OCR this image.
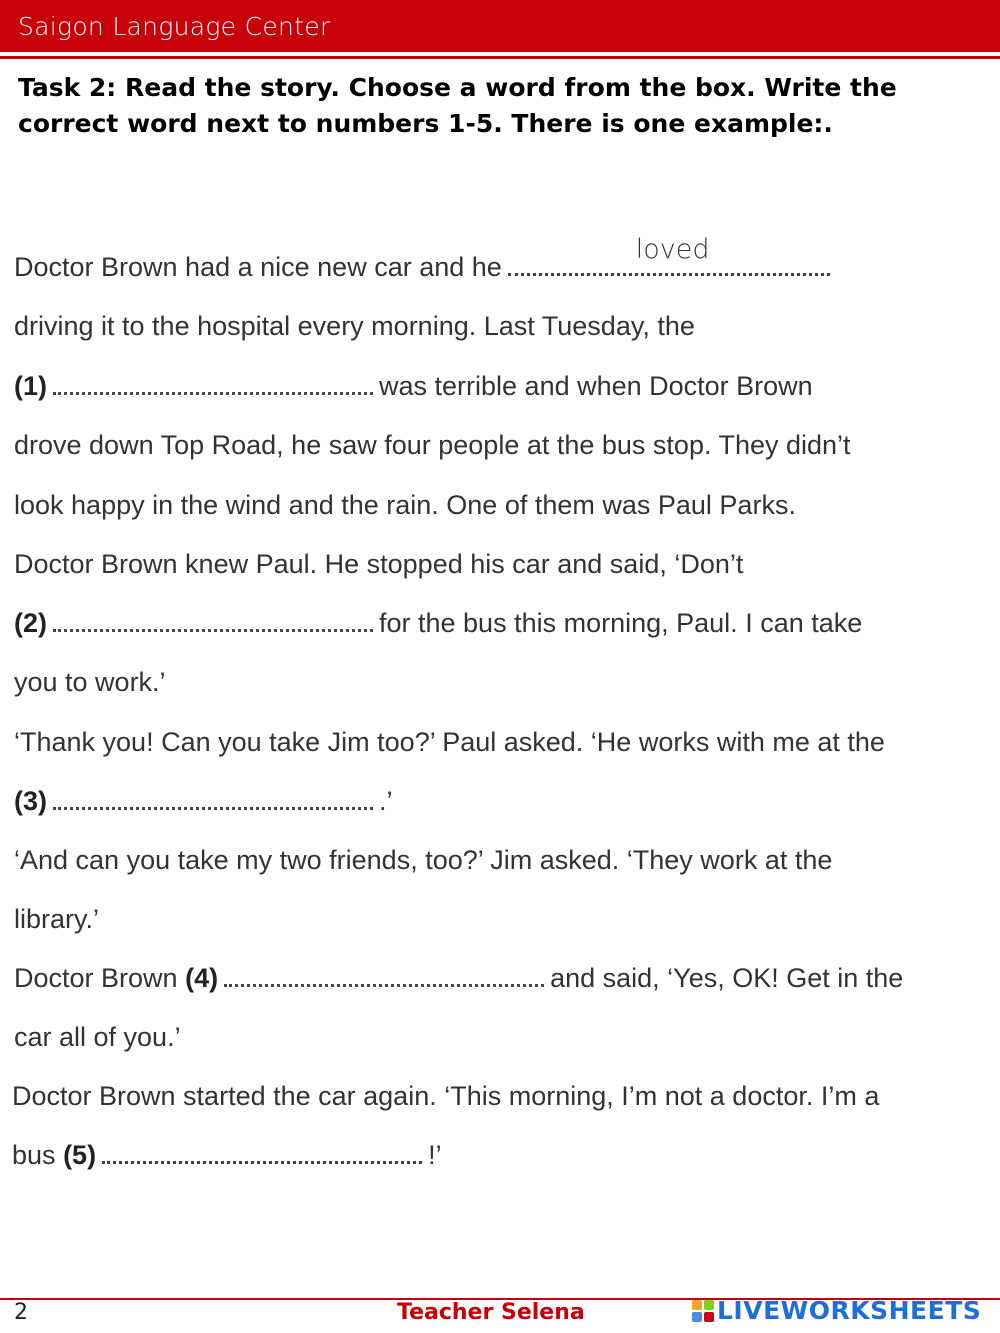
Saigon Language Center
Task 2: Read the story. Choose a word from the box. Write the correct word next to numbers 1-5. There is one example:.
Doctor Brown had a nice new car and he
loved
driving it to the hospital every morning. Last Tuesday, the
(1)	was terrible and when Doctor Brown
drove down Top Road, he saw four people at the bus stop. They didn’t
look happy in the wind and the rain. One of them was Paul Parks.
Doctor Brown knew Paul. He stopped his car and said, ‘Don’t
(2)	for the bus this morning, Paul. I can take
you to work.’
‘Thank you! Can you take Jim too?’ Paul asked. ‘He works with me at the
(3)	.’
‘And can you take my two friends, too?’ Jim asked. ‘They work at the
library.’
Doctor Brown (4)	and said, ‘Yes, OK! Get in the
car all of you.’
Doctor Brown started the car again. ‘This morning, I’m not a doctor. I’m a
bus (5)	!’
2	Teacher Selena	LIVEWORKSHEETS
